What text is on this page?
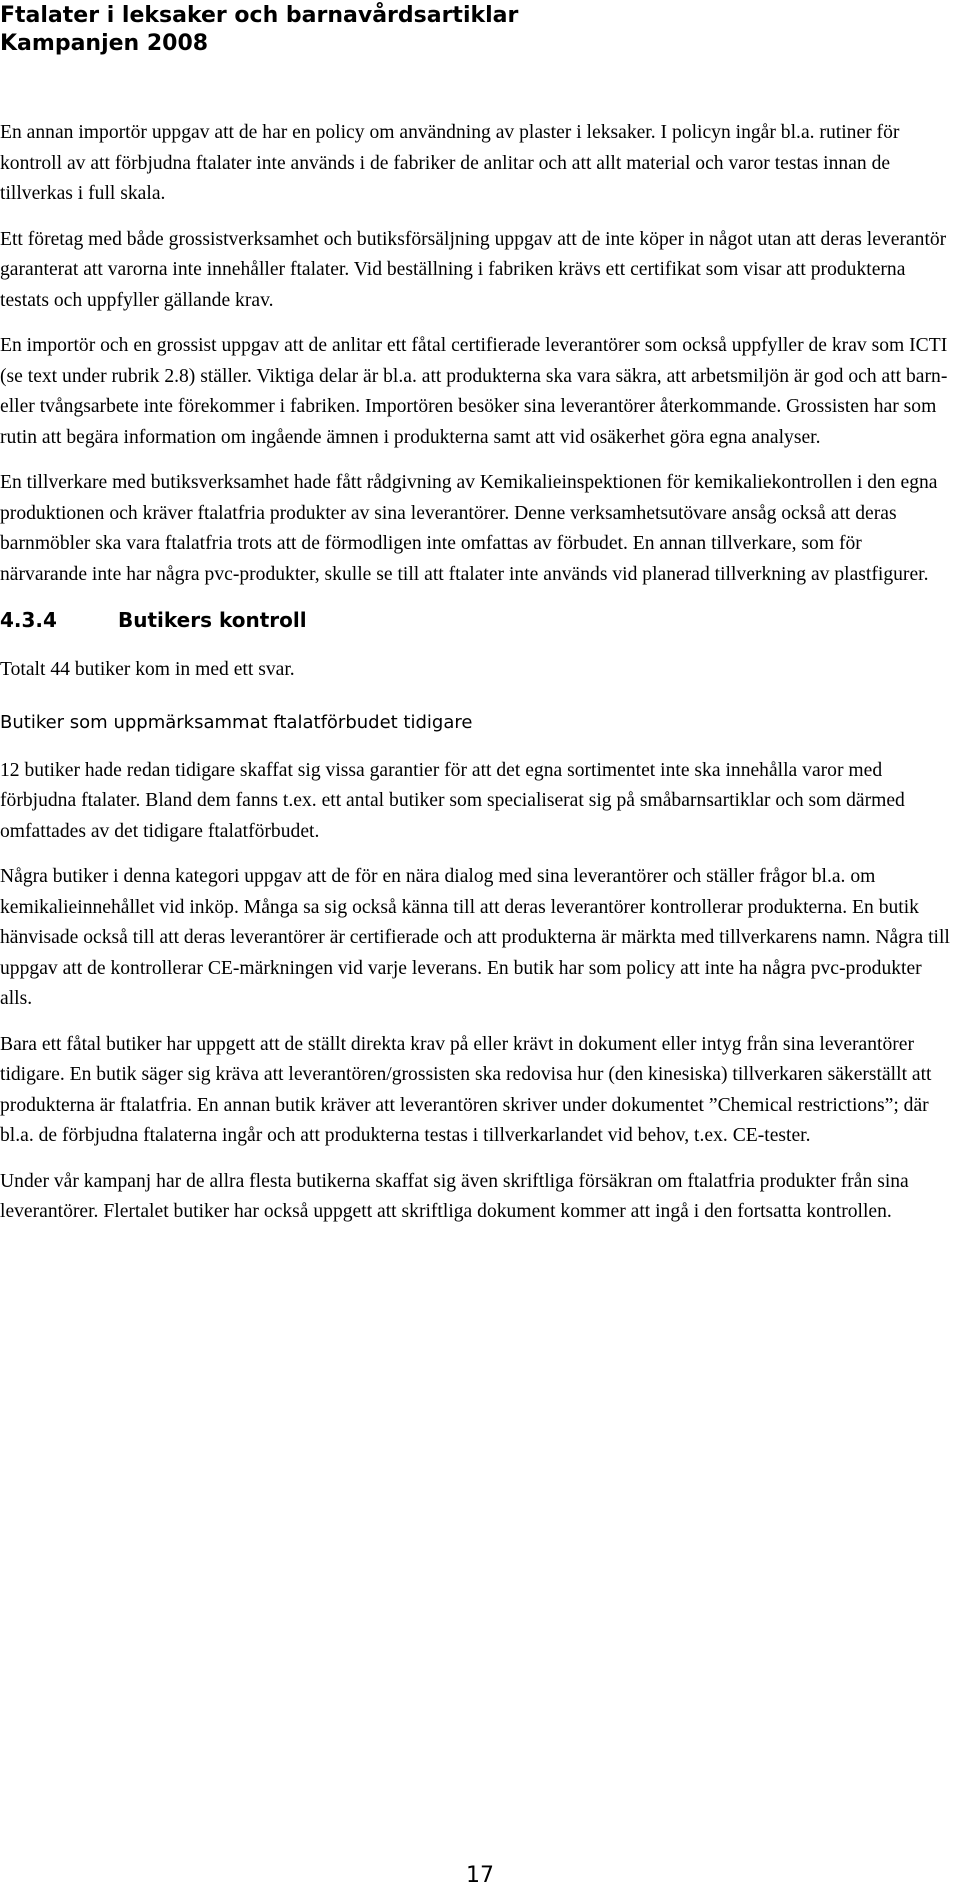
Ftalater i leksaker och barnavårdsartiklar
Kampanjen 2008

En annan importör uppgav att de har en policy om användning av plaster i leksaker. I policyn ingår bl.a. rutiner för kontroll av att förbjudna ftalater inte används i de fabriker de anlitar och att allt material och varor testas innan de tillverkas i full skala.

Ett företag med både grossistverksamhet och butiksförsäljning uppgav att de inte köper in något utan att deras leverantör garanterat att varorna inte innehåller ftalater. Vid beställning i fabriken krävs ett certifikat som visar att produkterna testats och uppfyller gällande krav.

En importör och en grossist uppgav att de anlitar ett fåtal certifierade leverantörer som också uppfyller de krav som ICTI (se text under rubrik 2.8) ställer. Viktiga delar är bl.a. att produkterna ska vara säkra, att arbetsmiljön är god och att barn- eller tvångsarbete inte förekommer i fabriken. Importören besöker sina leverantörer återkommande. Grossisten har som rutin att begära information om ingående ämnen i produkterna samt att vid osäkerhet göra egna analyser.

En tillverkare med butiksverksamhet hade fått rådgivning av Kemikalieinspektionen för kemikaliekontrollen i den egna produktionen och kräver ftalatfria produkter av sina leverantörer. Denne verksamhetsutövare ansåg också att deras barnmöbler ska vara ftalatfria trots att de förmodligen inte omfattas av förbudet. En annan tillverkare, som för närvarande inte har några pvc-produkter, skulle se till att ftalater inte används vid planerad tillverkning av plastfigurer.

4.3.4	Butikers kontroll

Totalt 44 butiker kom in med ett svar.

Butiker som uppmärksammat ftalatförbudet tidigare

12 butiker hade redan tidigare skaffat sig vissa garantier för att det egna sortimentet inte ska innehålla varor med förbjudna ftalater. Bland dem fanns t.ex. ett antal butiker som specialiserat sig på småbarnsartiklar och som därmed omfattades av det tidigare ftalatförbudet.

Några butiker i denna kategori uppgav att de för en nära dialog med sina leverantörer och ställer frågor bl.a. om kemikalieinnehållet vid inköp. Många sa sig också känna till att deras leverantörer kontrollerar produkterna. En butik hänvisade också till att deras leverantörer är certifierade och att produkterna är märkta med tillverkarens namn. Några till uppgav att de kontrollerar CE-märkningen vid varje leverans. En butik har som policy att inte ha några pvc-produkter alls.

Bara ett fåtal butiker har uppgett att de ställt direkta krav på eller krävt in dokument eller intyg från sina leverantörer tidigare. En butik säger sig kräva att leverantören/grossisten ska redovisa hur (den kinesiska) tillverkaren säkerställt att produkterna är ftalatfria. En annan butik kräver att leverantören skriver under dokumentet ”Chemical restrictions”; där bl.a. de förbjudna ftalaterna ingår och att produkterna testas i tillverkarlandet vid behov, t.ex. CE-tester.

Under vår kampanj har de allra flesta butikerna skaffat sig även skriftliga försäkran om ftalatfria produkter från sina leverantörer. Flertalet butiker har också uppgett att skriftliga dokument kommer att ingå i den fortsatta kontrollen.

17
